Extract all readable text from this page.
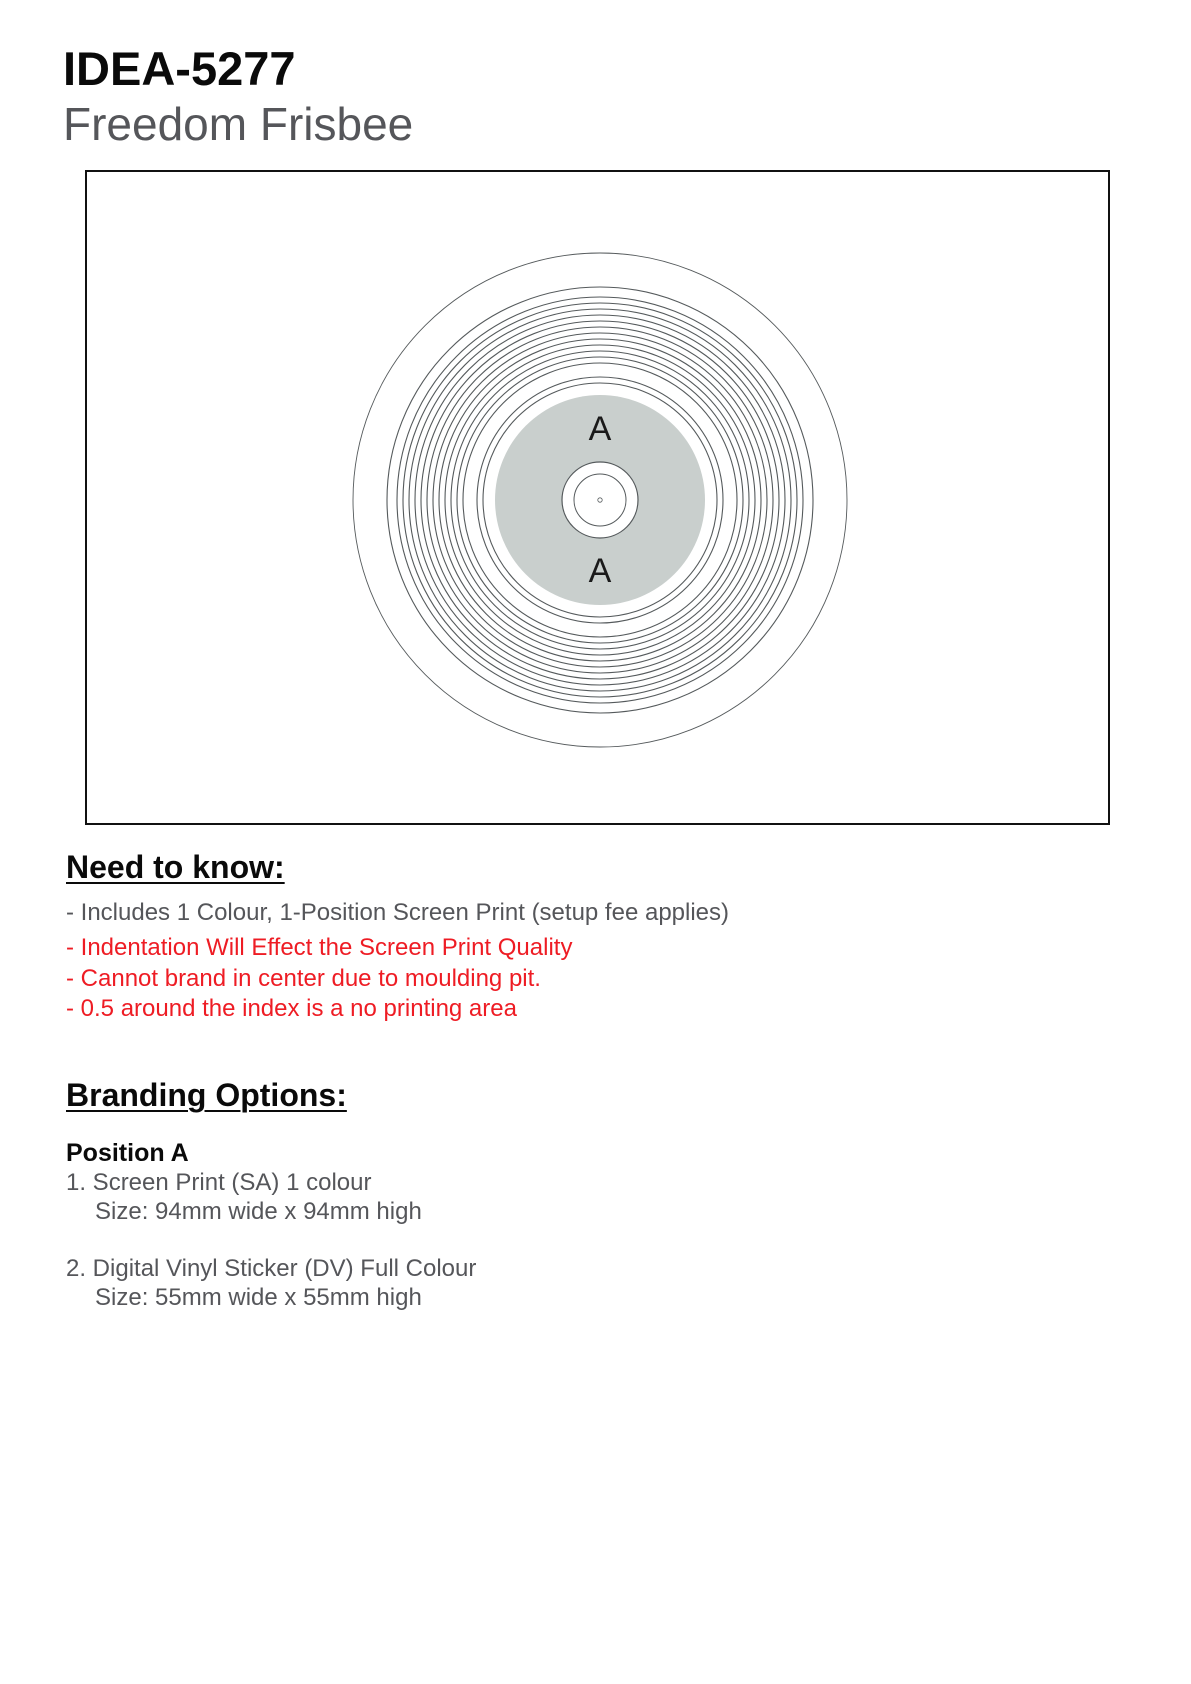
IDEA-5277
Freedom Frisbee
A
A
Need to know:

- Includes 1 Colour, 1-Position Screen Print (setup fee applies)

- Indentation Will Effect the Screen Print Quality

- Cannot brand in center due to moulding pit.

- 0.5 around the index is a no printing area

Branding Options:
Position A
1. Screen Print (SA) 1 colour
Size: 94mm wide x 94mm high
2. Digital Vinyl Sticker (DV) Full Colour
Size: 55mm wide x 55mm high
